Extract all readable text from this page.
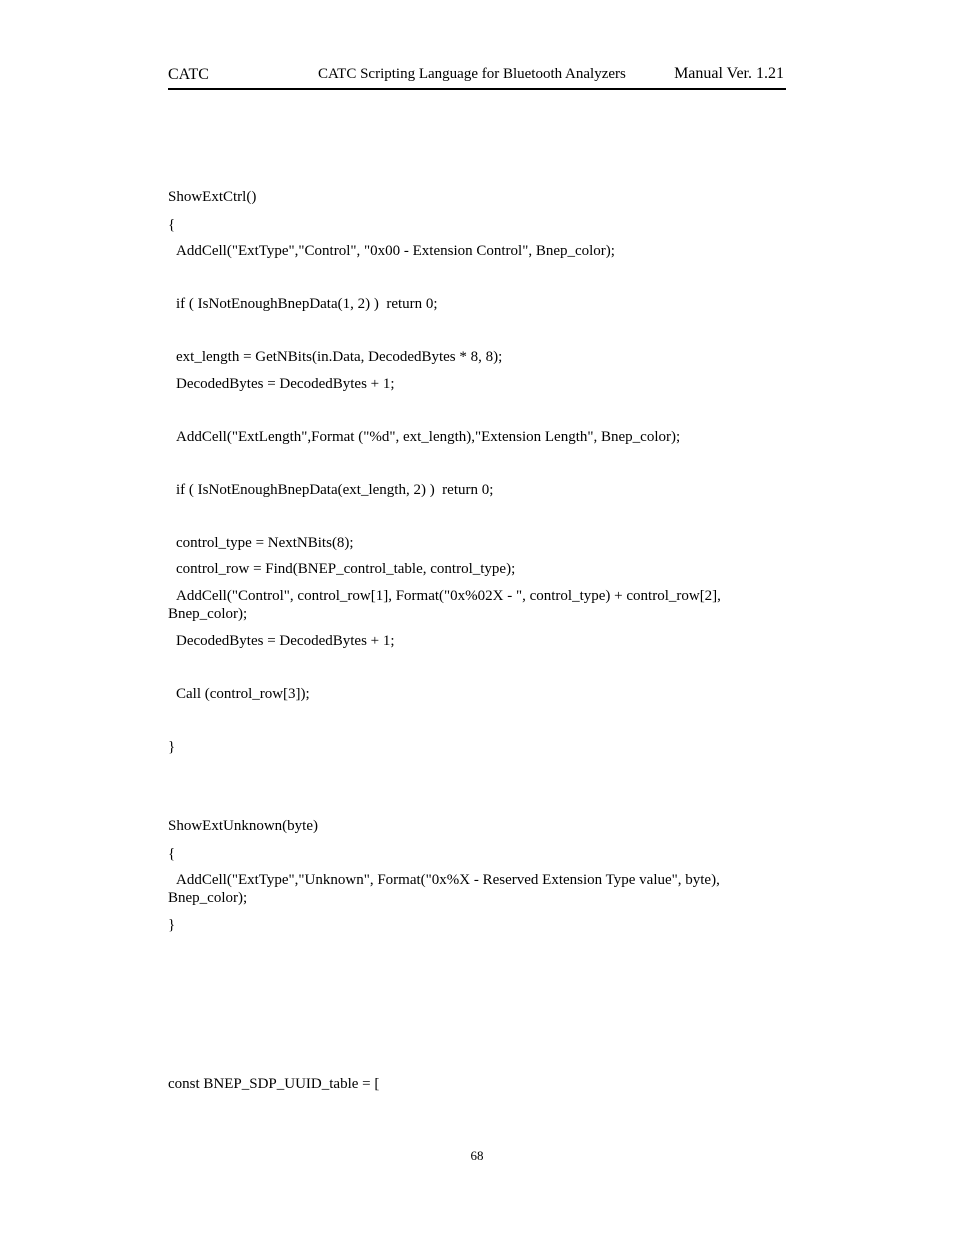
CATC	CATC Scripting Language for Bluetooth Analyzers	Manual Ver. 1.21
ShowExtCtrl()
{
AddCell("ExtType","Control", "0x00 - Extension Control", Bnep_color);
if ( IsNotEnoughBnepData(1, 2) )  return 0;
ext_length = GetNBits(in.Data, DecodedBytes * 8, 8);
DecodedBytes = DecodedBytes + 1;
AddCell("ExtLength",Format ("%d", ext_length),"Extension Length", Bnep_color);
if ( IsNotEnoughBnepData(ext_length, 2) )  return 0;
control_type = NextNBits(8);
control_row = Find(BNEP_control_table, control_type);
AddCell("Control", control_row[1], Format("0x%02X - ", control_type) + control_row[2],
Bnep_color);
DecodedBytes = DecodedBytes + 1;
Call (control_row[3]);
}
ShowExtUnknown(byte)
{
AddCell("ExtType","Unknown", Format("0x%X - Reserved Extension Type value", byte),
Bnep_color);
}
const BNEP_SDP_UUID_table = [
68
